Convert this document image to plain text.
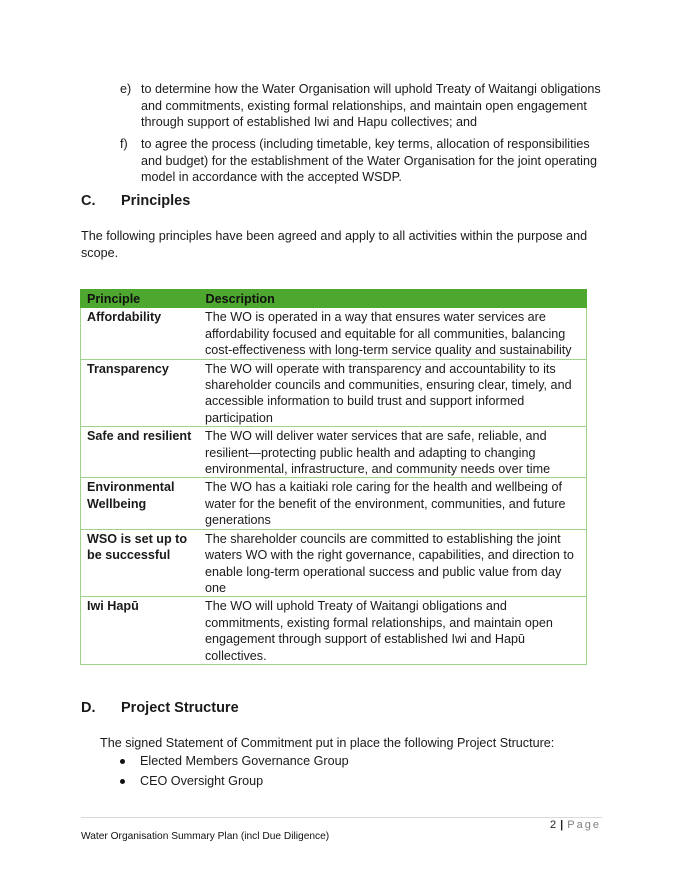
e) to determine how the Water Organisation will uphold Treaty of Waitangi obligations and commitments, existing formal relationships, and maintain open engagement through support of established Iwi and Hapu collectives; and
f) to agree the process (including timetable, key terms, allocation of responsibilities and budget) for the establishment of the Water Organisation for the joint operating model in accordance with the accepted WSDP.
C. Principles
The following principles have been agreed and apply to all activities within the purpose and scope.
Principle	Description
Affordability	The WO is operated in a way that ensures water services are affordability focused and equitable for all communities, balancing cost-effectiveness with long-term service quality and sustainability
Transparency	The WO will operate with transparency and accountability to its shareholder councils and communities, ensuring clear, timely, and accessible information to build trust and support informed participation
Safe and resilient	The WO will deliver water services that are safe, reliable, and resilient—protecting public health and adapting to changing environmental, infrastructure, and community needs over time
Environmental Wellbeing	The WO has a kaitiaki role caring for the health and wellbeing of water for the benefit of the environment, communities, and future generations
WSO is set up to be successful	The shareholder councils are committed to establishing the joint waters WO with the right governance, capabilities, and direction to enable long-term operational success and public value from day one
Iwi Hapū	The WO will uphold Treaty of Waitangi obligations and commitments, existing formal relationships, and maintain open engagement through support of established Iwi and Hapū collectives.
D. Project Structure
The signed Statement of Commitment put in place the following Project Structure:
Elected Members Governance Group
CEO Oversight Group
2 | Page
Water Organisation Summary Plan (incl Due Diligence)
